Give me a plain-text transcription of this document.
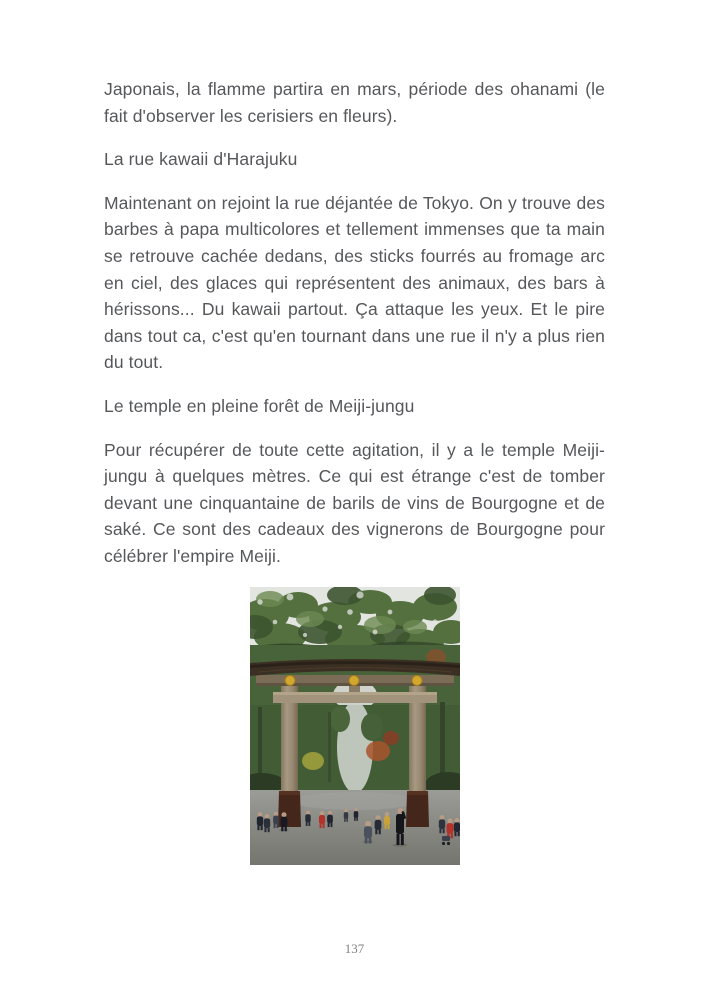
Japonais, la flamme partira en mars, période des ohanami (le fait d'observer les cerisiers en fleurs).

La rue kawaii d'Harajuku

Maintenant on rejoint la rue déjantée de Tokyo. On y trouve des barbes à papa multicolores et tellement immenses que ta main se retrouve cachée dedans, des sticks fourrés au fromage arc en ciel, des glaces qui représentent des animaux, des bars à hérissons... Du kawaii partout. Ça attaque les yeux. Et le pire dans tout ca, c'est qu'en tournant dans une rue il n'y a plus rien du tout.

Le temple en pleine forêt de Meiji-jungu

Pour récupérer de toute cette agitation, il y a le temple Meiji-jungu à quelques mètres. Ce qui est étrange c'est de tomber devant une cinquantaine de barils de vins de Bourgogne et de saké. Ce sont des cadeaux des vignerons de Bourgogne pour célébrer l'empire Meiji.

137
